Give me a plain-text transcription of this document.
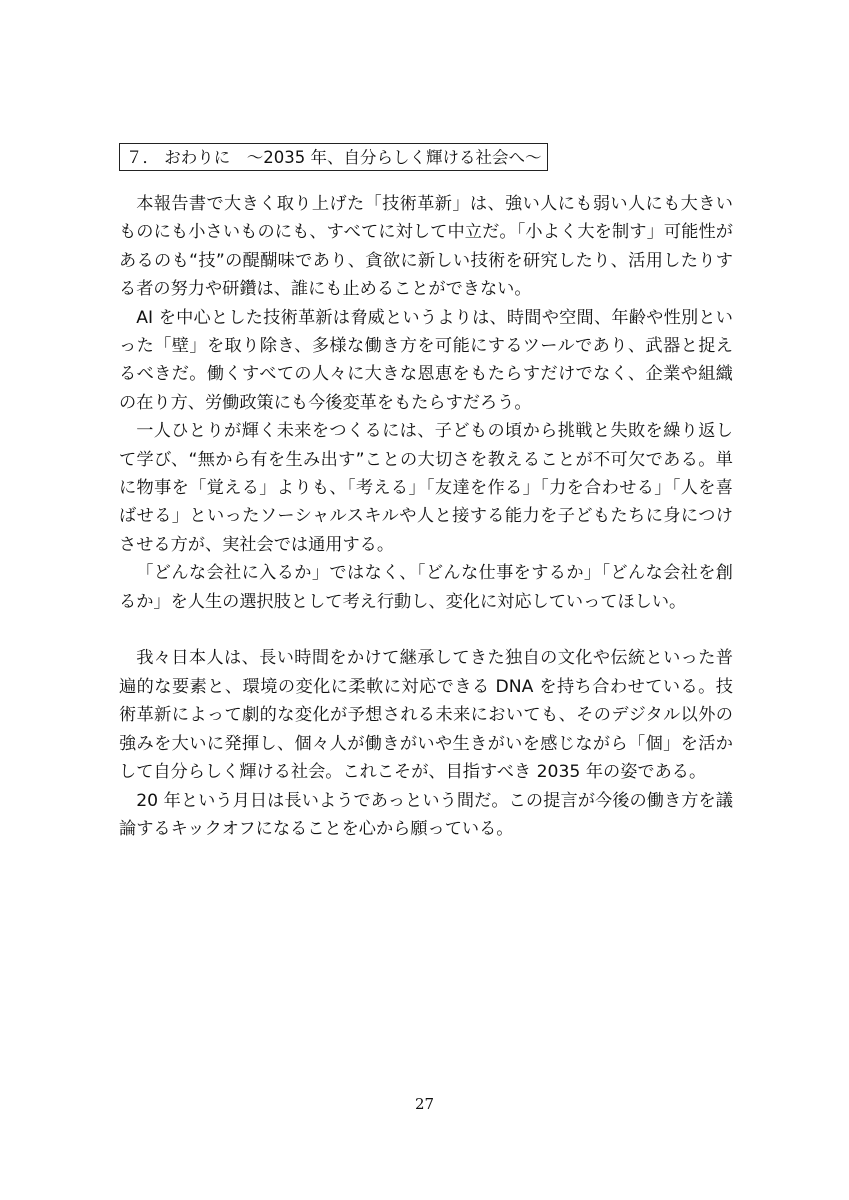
７． おわりに　～2035 年、自分らしく輝ける社会へ～

本報告書で大きく取り上げた「技術革新」は、強い人にも弱い人にも大きいものにも小さいものにも、すべてに対して中立だ。「小よく大を制す」可能性があるのも“技”の醍醐味であり、貪欲に新しい技術を研究したり、活用したりする者の努力や研鑽は、誰にも止めることができない。

AI を中心とした技術革新は脅威というよりは、時間や空間、年齢や性別といった「壁」を取り除き、多様な働き方を可能にするツールであり、武器と捉えるべきだ。働くすべての人々に大きな恩恵をもたらすだけでなく、企業や組織の在り方、労働政策にも今後変革をもたらすだろう。

一人ひとりが輝く未来をつくるには、子どもの頃から挑戦と失敗を繰り返して学び、“無から有を生み出す”ことの大切さを教えることが不可欠である。単に物事を「覚える」よりも、「考える」「友達を作る」「力を合わせる」「人を喜ばせる」といったソーシャルスキルや人と接する能力を子どもたちに身につけさせる方が、実社会では通用する。

「どんな会社に入るか」ではなく、「どんな仕事をするか」「どんな会社を創るか」を人生の選択肢として考え行動し、変化に対応していってほしい。

我々日本人は、長い時間をかけて継承してきた独自の文化や伝統といった普遍的な要素と、環境の変化に柔軟に対応できる DNA を持ち合わせている。技術革新によって劇的な変化が予想される未来においても、そのデジタル以外の強みを大いに発揮し、個々人が働きがいや生きがいを感じながら「個」を活かして自分らしく輝ける社会。これこそが、目指すべき 2035 年の姿である。

20 年という月日は長いようであっという間だ。この提言が今後の働き方を議論するキックオフになることを心から願っている。

27
